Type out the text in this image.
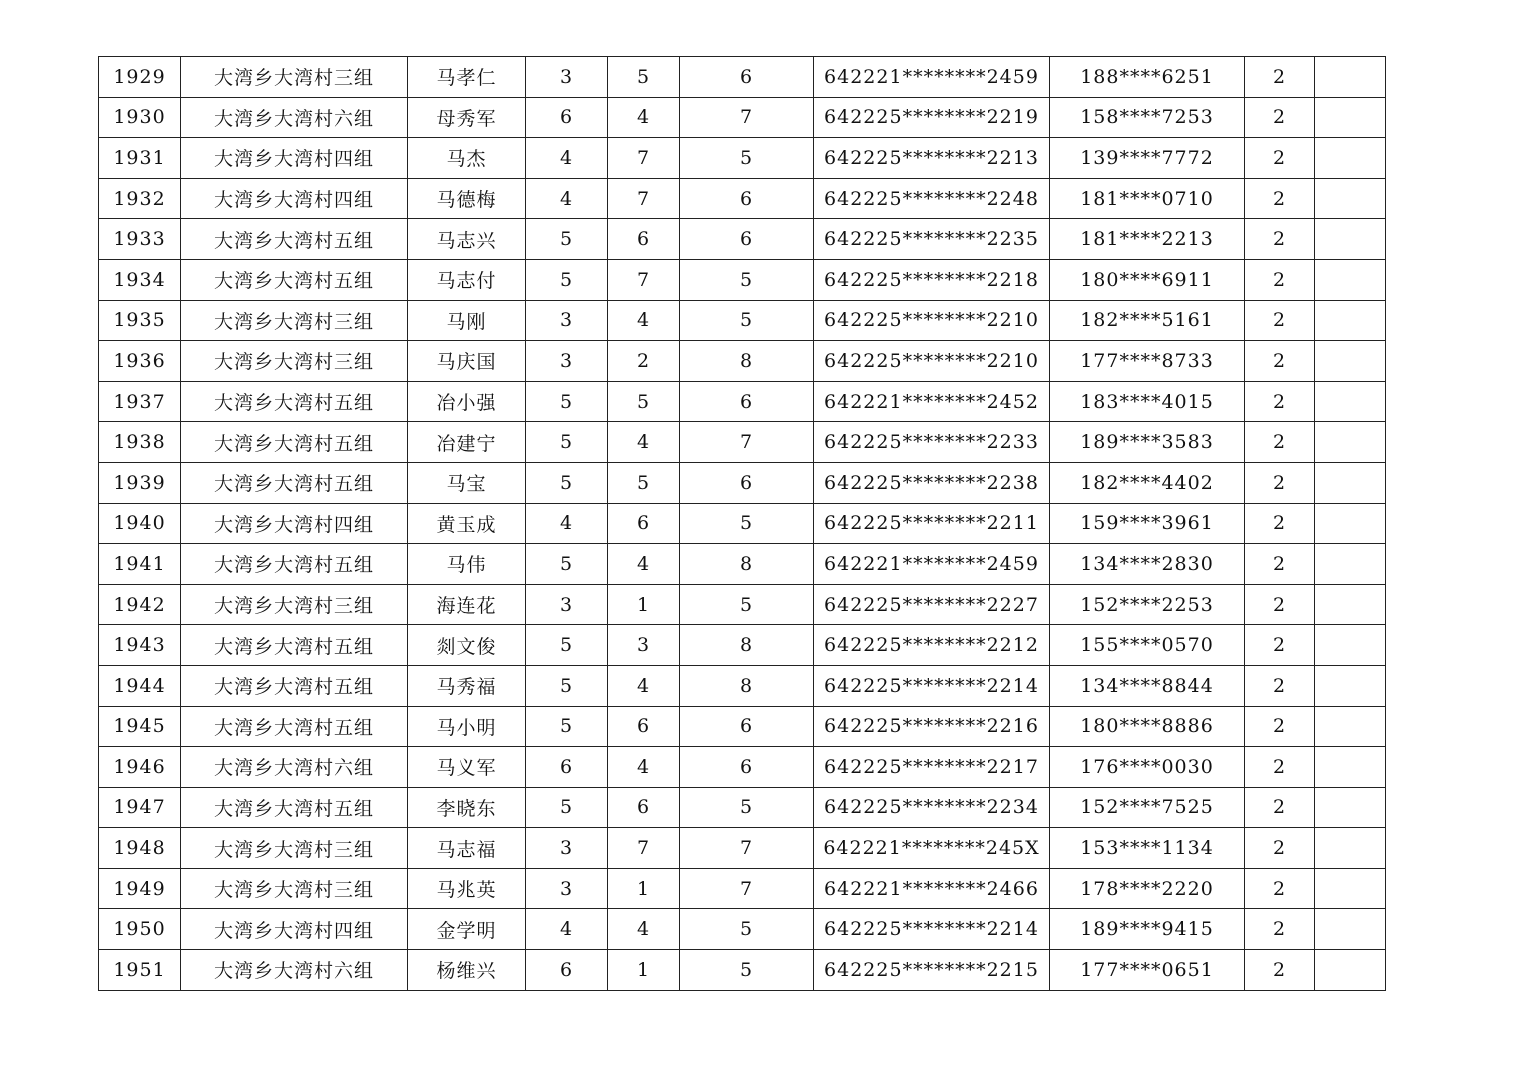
1929	大湾乡大湾村三组	马孝仁	3	5	6	642221********2459	188****6251	2	
1930	大湾乡大湾村六组	母秀军	6	4	7	642225********2219	158****7253	2	
1931	大湾乡大湾村四组	马杰	4	7	5	642225********2213	139****7772	2	
1932	大湾乡大湾村四组	马德梅	4	7	6	642225********2248	181****0710	2	
1933	大湾乡大湾村五组	马志兴	5	6	6	642225********2235	181****2213	2	
1934	大湾乡大湾村五组	马志付	5	7	5	642225********2218	180****6911	2	
1935	大湾乡大湾村三组	马刚	3	4	5	642225********2210	182****5161	2	
1936	大湾乡大湾村三组	马庆国	3	2	8	642225********2210	177****8733	2	
1937	大湾乡大湾村五组	冶小强	5	5	6	642221********2452	183****4015	2	
1938	大湾乡大湾村五组	冶建宁	5	4	7	642225********2233	189****3583	2	
1939	大湾乡大湾村五组	马宝	5	5	6	642225********2238	182****4402	2	
1940	大湾乡大湾村四组	黄玉成	4	6	5	642225********2211	159****3961	2	
1941	大湾乡大湾村五组	马伟	5	4	8	642221********2459	134****2830	2	
1942	大湾乡大湾村三组	海连花	3	1	5	642225********2227	152****2253	2	
1943	大湾乡大湾村五组	剡文俊	5	3	8	642225********2212	155****0570	2	
1944	大湾乡大湾村五组	马秀福	5	4	8	642225********2214	134****8844	2	
1945	大湾乡大湾村五组	马小明	5	6	6	642225********2216	180****8886	2	
1946	大湾乡大湾村六组	马义军	6	4	6	642225********2217	176****0030	2	
1947	大湾乡大湾村五组	李晓东	5	6	5	642225********2234	152****7525	2	
1948	大湾乡大湾村三组	马志福	3	7	7	642221********245X	153****1134	2	
1949	大湾乡大湾村三组	马兆英	3	1	7	642221********2466	178****2220	2	
1950	大湾乡大湾村四组	金学明	4	4	5	642225********2214	189****9415	2	
1951	大湾乡大湾村六组	杨维兴	6	1	5	642225********2215	177****0651	2	
